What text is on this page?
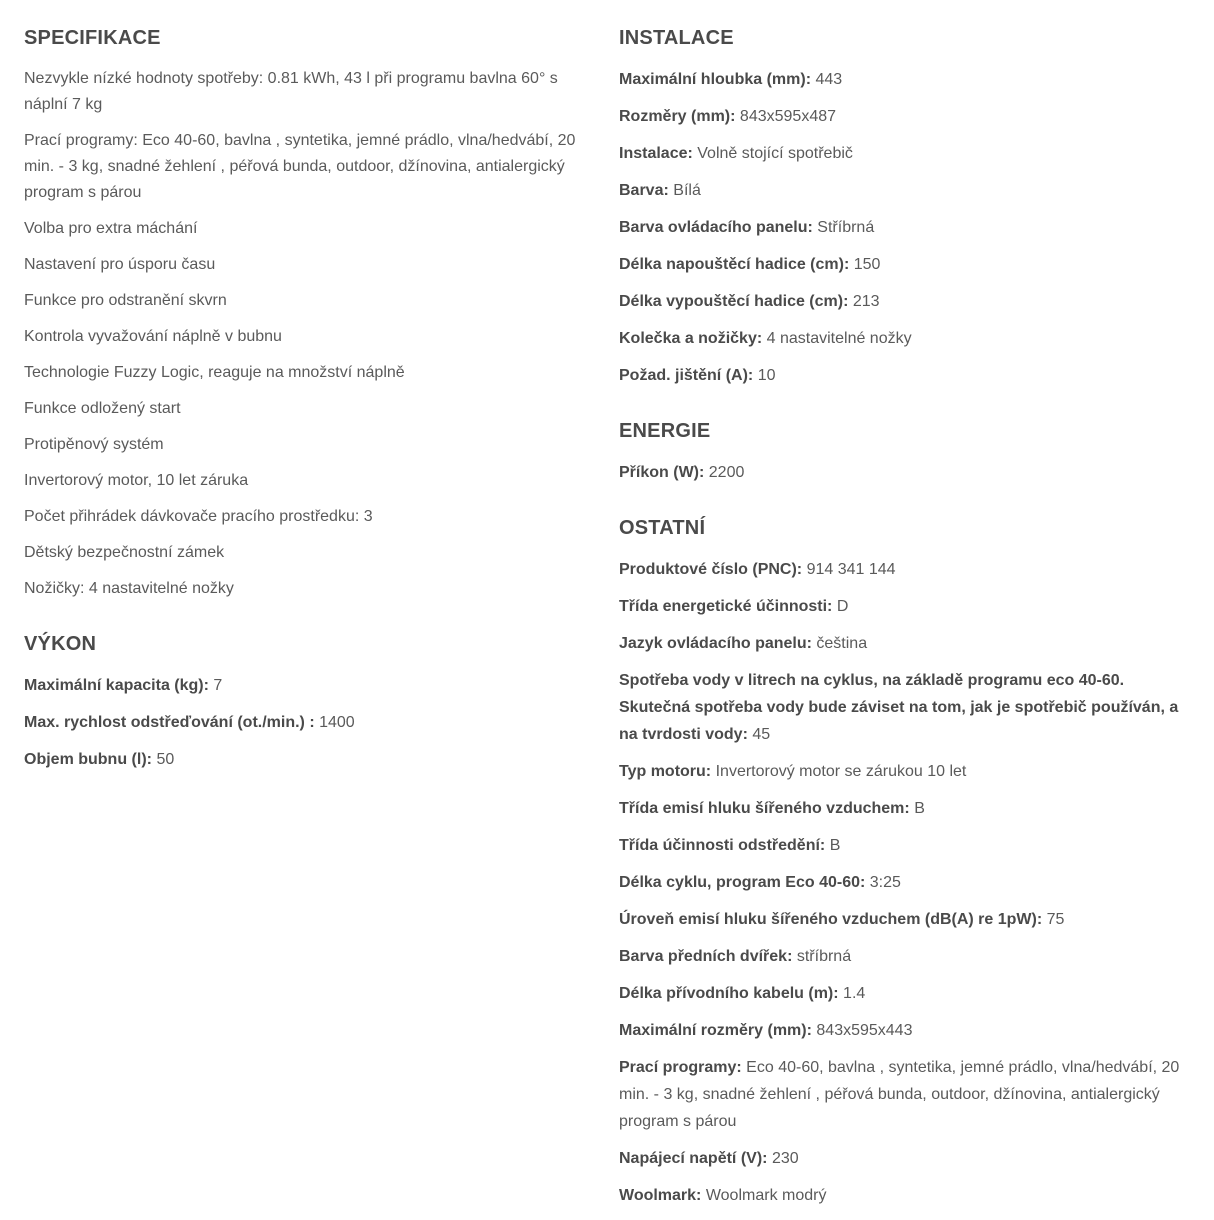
SPECIFIKACE
Nezvykle nízké hodnoty spotřeby: 0.81 kWh, 43 l při programu bavlna 60° s náplní 7 kg
Prací programy: Eco 40-60, bavlna , syntetika, jemné prádlo, vlna/hedvábí, 20 min. - 3 kg, snadné žehlení , péřová bunda, outdoor, džínovina, antialergický program s párou
Volba pro extra máchání
Nastavení pro úsporu času
Funkce pro odstranění skvrn
Kontrola vyvažování náplně v bubnu
Technologie Fuzzy Logic, reaguje na množství náplně
Funkce odložený start
Protipěnový systém
Invertorový motor, 10 let záruka
Počet přihrádek dávkovače pracího prostředku: 3
Dětský bezpečnostní zámek
Nožičky: 4 nastavitelné nožky
VÝKON
Maximální kapacita (kg): 7
Max. rychlost odstřeďování (ot./min.) : 1400
Objem bubnu (l): 50
INSTALACE
Maximální hloubka (mm): 443
Rozměry (mm): 843x595x487
Instalace: Volně stojící spotřebič
Barva: Bílá
Barva ovládacího panelu: Stříbrná
Délka napouštěcí hadice (cm): 150
Délka vypouštěcí hadice (cm): 213
Kolečka a nožičky: 4 nastavitelné nožky
Požad. jištění (A): 10
ENERGIE
Příkon (W): 2200
OSTATNÍ
Produktové číslo (PNC): 914 341 144
Třída energetické účinnosti: D
Jazyk ovládacího panelu: čeština
Spotřeba vody v litrech na cyklus, na základě programu eco 40-60. Skutečná spotřeba vody bude záviset na tom, jak je spotřebič používán, a na tvrdosti vody: 45
Typ motoru: Invertorový motor se zárukou 10 let
Třída emisí hluku šířeného vzduchem: B
Třída účinnosti odstředění: B
Délka cyklu, program Eco 40-60: 3:25
Úroveň emisí hluku šířeného vzduchem (dB(A) re 1pW): 75
Barva předních dvířek: stříbrná
Délka přívodního kabelu (m): 1.4
Maximální rozměry (mm): 843x595x443
Prací programy: Eco 40-60, bavlna , syntetika, jemné prádlo, vlna/hedvábí, 20 min. - 3 kg, snadné žehlení , péřová bunda, outdoor, džínovina, antialergický program s párou
Napájecí napětí (V): 230
Woolmark: Woolmark modrý
